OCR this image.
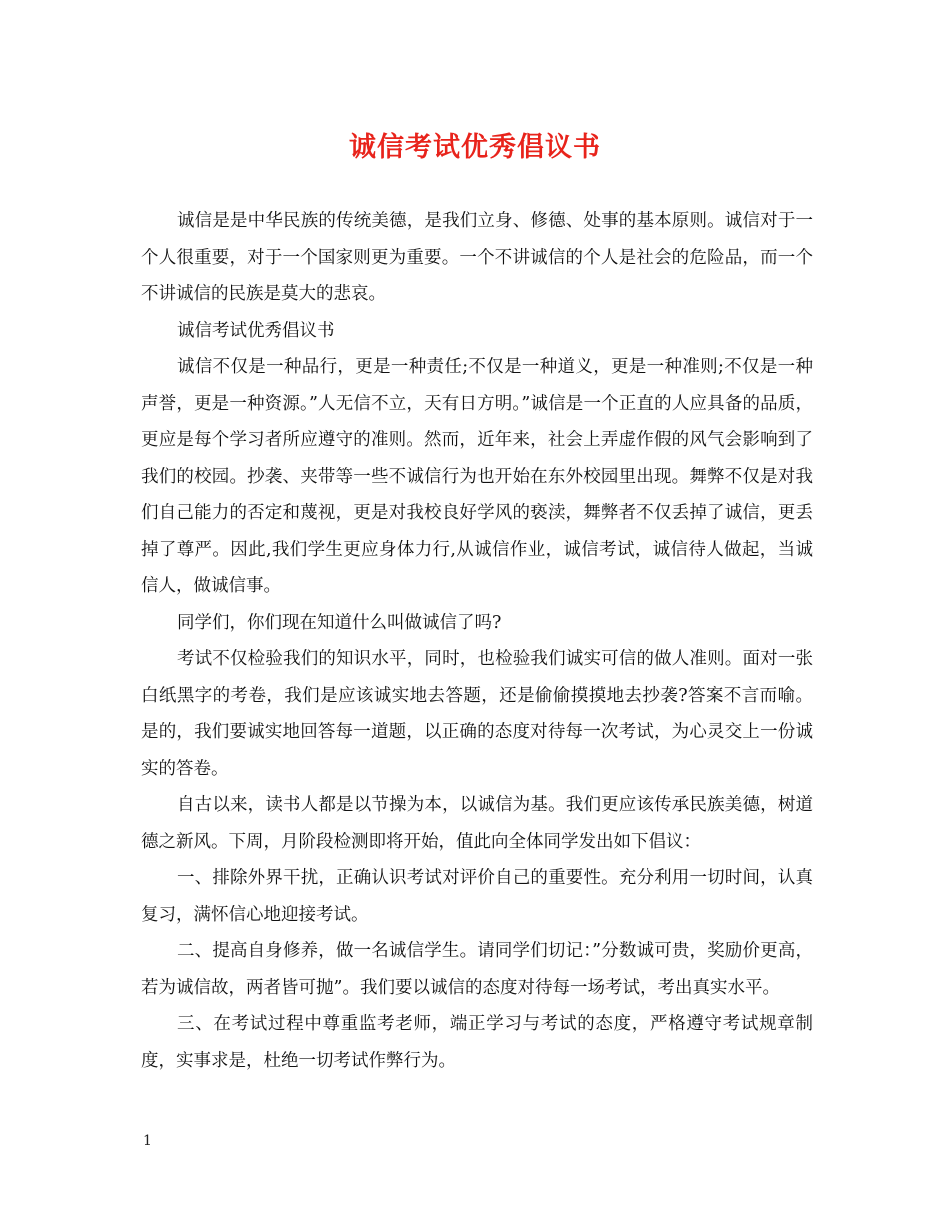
诚信考试优秀倡议书

诚信是是中华民族的传统美德，是我们立身、修德、处事的基本原则。诚信对于一个人很重要，对于一个国家则更为重要。一个不讲诚信的个人是社会的危险品，而一个不讲诚信的民族是莫大的悲哀。

诚信考试优秀倡议书

诚信不仅是一种品行，更是一种责任;不仅是一种道义，更是一种准则;不仅是一种声誉，更是一种资源。”人无信不立，天有日方明。”诚信是一个正直的人应具备的品质，更应是每个学习者所应遵守的准则。然而，近年来，社会上弄虚作假的风气会影响到了我们的校园。抄袭、夹带等一些不诚信行为也开始在东外校园里出现。舞弊不仅是对我们自己能力的否定和蔑视，更是对我校良好学风的亵渎，舞弊者不仅丢掉了诚信，更丢掉了尊严。因此,我们学生更应身体力行,从诚信作业，诚信考试，诚信待人做起，当诚信人，做诚信事。

同学们，你们现在知道什么叫做诚信了吗?

考试不仅检验我们的知识水平，同时，也检验我们诚实可信的做人准则。面对一张白纸黑字的考卷，我们是应该诚实地去答题，还是偷偷摸摸地去抄袭?答案不言而喻。是的，我们要诚实地回答每一道题，以正确的态度对待每一次考试，为心灵交上一份诚实的答卷。

自古以来，读书人都是以节操为本，以诚信为基。我们更应该传承民族美德，树道德之新风。下周，月阶段检测即将开始，值此向全体同学发出如下倡议：

一、排除外界干扰，正确认识考试对评价自己的重要性。充分利用一切时间，认真复习，满怀信心地迎接考试。

二、提高自身修养，做一名诚信学生。请同学们切记：”分数诚可贵，奖励价更高，若为诚信故，两者皆可抛”。我们要以诚信的态度对待每一场考试，考出真实水平。

三、在考试过程中尊重监考老师，端正学习与考试的态度，严格遵守考试规章制度，实事求是，杜绝一切考试作弊行为。

1
